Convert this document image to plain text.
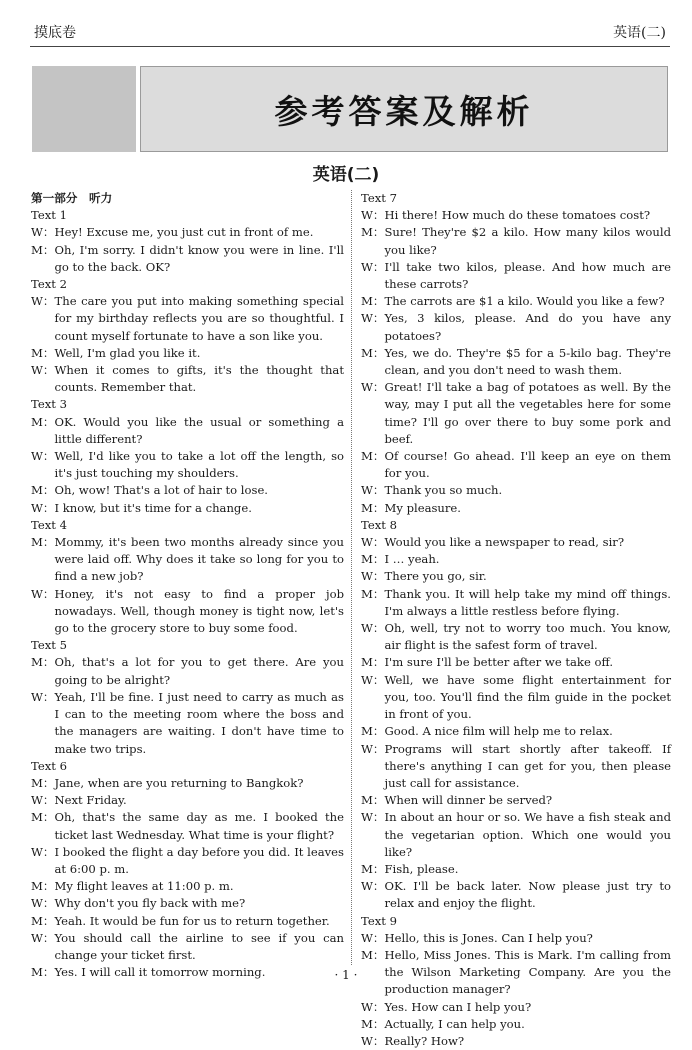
摸底卷	英语(二)
参考答案及解析
英语(二)
第一部分　听力
Text 1
W： Hey! Excuse me, you just cut in front of me.
M： Oh, I'm sorry. I didn't know you were in line. I'll go to the back. OK?
Text 2
W： The care you put into making something special for my birthday reflects you are so thoughtful. I count myself fortunate to have a son like you.
M： Well, I'm glad you like it.
W： When it comes to gifts, it's the thought that counts. Remember that.
Text 3
M： OK. Would you like the usual or something a little different?
W： Well, I'd like you to take a lot off the length, so it's just touching my shoulders.
M： Oh, wow! That's a lot of hair to lose.
W： I know, but it's time for a change.
Text 4
M： Mommy, it's been two months already since you were laid off. Why does it take so long for you to find a new job?
W： Honey, it's not easy to find a proper job nowadays. Well, though money is tight now, let's go to the grocery store to buy some food.
Text 5
M： Oh, that's a lot for you to get there. Are you going to be alright?
W： Yeah, I'll be fine. I just need to carry as much as I can to the meeting room where the boss and the managers are waiting. I don't have time to make two trips.
Text 6
M： Jane, when are you returning to Bangkok?
W： Next Friday.
M： Oh, that's the same day as me. I booked the ticket last Wednesday. What time is your flight?
W： I booked the flight a day before you did. It leaves at 6:00 p. m.
M： My flight leaves at 11:00 p. m.
W： Why don't you fly back with me?
M： Yeah. It would be fun for us to return together.
W： You should call the airline to see if you can change your ticket first.
M： Yes. I will call it tomorrow morning.
Text 7
W： Hi there! How much do these tomatoes cost?
M： Sure! They're $2 a kilo. How many kilos would you like?
W： I'll take two kilos, please. And how much are these carrots?
M： The carrots are $1 a kilo. Would you like a few?
W： Yes, 3 kilos, please. And do you have any potatoes?
M： Yes, we do. They're $5 for a 5-kilo bag. They're clean, and you don't need to wash them.
W： Great! I'll take a bag of potatoes as well. By the way, may I put all the vegetables here for some time? I'll go over there to buy some pork and beef.
M： Of course! Go ahead. I'll keep an eye on them for you.
W： Thank you so much.
M： My pleasure.
Text 8
W： Would you like a newspaper to read, sir?
M： I … yeah.
W： There you go, sir.
M： Thank you. It will help take my mind off things. I'm always a little restless before flying.
W： Oh, well, try not to worry too much. You know, air flight is the safest form of travel.
M： I'm sure I'll be better after we take off.
W： Well, we have some flight entertainment for you, too. You'll find the film guide in the pocket in front of you.
M： Good. A nice film will help me to relax.
W： Programs will start shortly after takeoff. If there's anything I can get for you, then please just call for assistance.
M： When will dinner be served?
W： In about an hour or so. We have a fish steak and the vegetarian option. Which one would you like?
M： Fish, please.
W： OK. I'll be back later. Now please just try to relax and enjoy the flight.
Text 9
W： Hello, this is Jones. Can I help you?
M： Hello, Miss Jones. This is Mark. I'm calling from the Wilson Marketing Company. Are you the production manager?
W： Yes. How can I help you?
M： Actually, I can help you.
W： Really? How?
· 1 ·
